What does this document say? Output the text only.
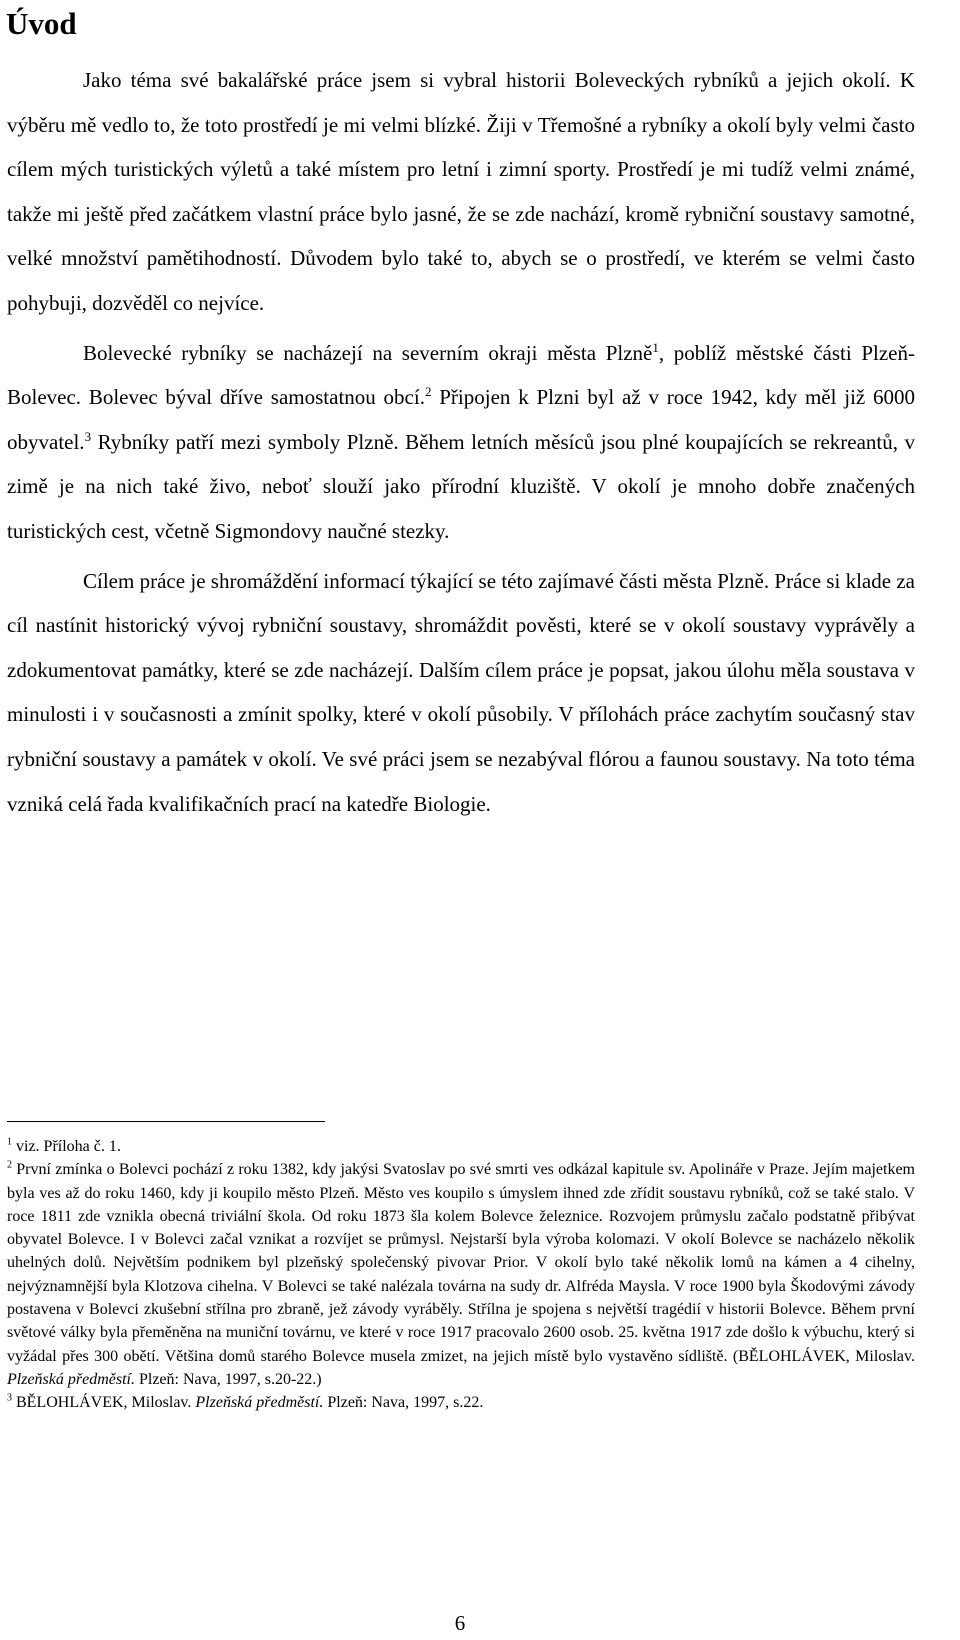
Úvod

Jako téma své bakalářské práce jsem si vybral historii Boleveckých rybníků a jejich okolí. K výběru mě vedlo to, že toto prostředí je mi velmi blízké. Žiji v Třemošné a rybníky a okolí byly velmi často cílem mých turistických výletů a také místem pro letní i zimní sporty. Prostředí je mi tudíž velmi známé, takže mi ještě před začátkem vlastní práce bylo jasné, že se zde nachází, kromě rybniční soustavy samotné, velké množství pamětihodností. Důvodem bylo také to, abych se o prostředí, ve kterém se velmi často pohybuji, dozvěděl co nejvíce.

Bolevecké rybníky se nacházejí na severním okraji města Plzně$^1$, poblíž městské části Plzeň-Bolevec. Bolevec býval dříve samostatnou obcí.$^2$ Připojen k Plzni byl až v roce 1942, kdy měl již 6000 obyvatel.$^3$ Rybníky patří mezi symboly Plzně. Během letních měsíců jsou plné koupajících se rekreantů, v zimě je na nich také živo, neboť slouží jako přírodní kluziště. V okolí je mnoho dobře značených turistických cest, včetně Sigmondovy naučné stezky.

Cílem práce je shromáždění informací týkající se této zajímavé části města Plzně. Práce si klade za cíl nastínit historický vývoj rybniční soustavy, shromáždit pověsti, které se v okolí soustavy vyprávěly a zdokumentovat památky, které se zde nacházejí. Dalším cílem práce je popsat, jakou úlohu měla soustava v minulosti i v současnosti a zmínit spolky, které v okolí působily. V přílohách práce zachytím současný stav rybniční soustavy a památek v okolí. Ve své práci jsem se nezabýval flórou a faunou soustavy. Na toto téma vzniká celá řada kvalifikačních prací na katedře Biologie.

$^1$ viz. Příloha č. 1.

$^2$ První zmínka o Bolevci pochází z roku 1382, kdy jakýsi Svatoslav po své smrti ves odkázal kapitule sv. Apolináře v Praze. Jejím majetkem byla ves až do roku 1460, kdy ji koupilo město Plzeň. Město ves koupilo s úmyslem ihned zde zřídit soustavu rybníků, což se také stalo. V roce 1811 zde vznikla obecná triviální škola. Od roku 1873 šla kolem Bolevce železnice. Rozvojem průmyslu začalo podstatně přibývat obyvatel Bolevce. I v Bolevci začal vznikat a rozvíjet se průmysl. Nejstarší byla výroba kolomazi. V okolí Bolevce se nacházelo několik uhelných dolů. Největším podnikem byl plzeňský společenský pivovar Prior. V okolí bylo také několik lomů na kámen a 4 cihelny, nejvýznamnější byla Klotzova cihelna. V Bolevci se také nalézala továrna na sudy dr. Alfréda Maysla. V roce 1900 byla Škodovými závody postavena v Bolevci zkušební střílna pro zbraně, jež závody vyráběly. Střílna je spojena s největší tragédií v historii Bolevce. Během první světové války byla přeměněna na muniční továrnu, ve které v roce 1917 pracovalo 2600 osob. 25. května 1917 zde došlo k výbuchu, který si vyžádal přes 300 obětí. Většina domů starého Bolevce musela zmizet, na jejich místě bylo vystavěno sídliště. (BĚLOHLÁVEK, Miloslav. Plzeňská předměstí. Plzeň: Nava, 1997, s.20-22.)

$^3$ BĚLOHLÁVEK, Miloslav. Plzeňská předměstí. Plzeň: Nava, 1997, s.22.

6
